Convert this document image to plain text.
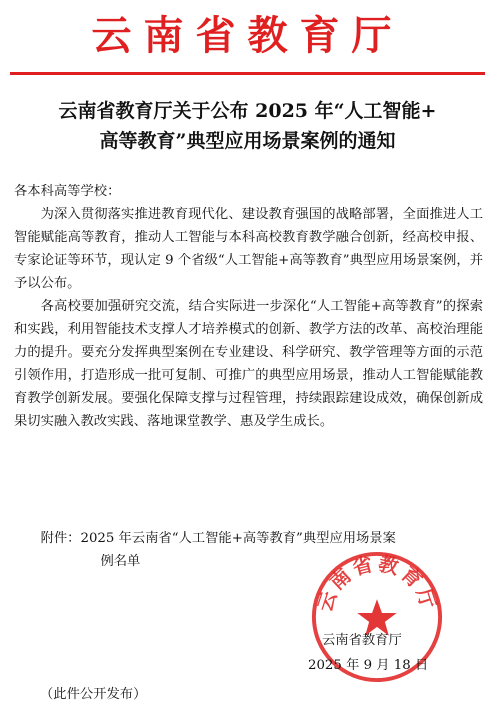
云南省教育厅
云南省教育厅关于公布 2025 年“人工智能+
高等教育”典型应用场景案例的通知

各本科高等学校：

为深入贯彻落实推进教育现代化、建设教育强国的战略部署，全面推进人工智能赋能高等教育，推动人工智能与本科高校教育教学融合创新，经高校申报、专家论证等环节，现认定 9 个省级“人工智能+高等教育”典型应用场景案例，并予以公布。

各高校要加强研究交流，结合实际进一步深化“人工智能+高等教育”的探索和实践，利用智能技术支撑人才培养模式的创新、教学方法的改革、高校治理能力的提升。要充分发挥典型案例在专业建设、科学研究、教学管理等方面的示范引领作用，打造形成一批可复制、可推广的典型应用场景，推动人工智能赋能教育教学创新发展。要强化保障支撑与过程管理，持续跟踪建设成效，确保创新成果切实融入教改实践、落地课堂教学、惠及学生成长。

附件：2025 年云南省“人工智能+高等教育”典型应用场景案
例名单
云南省教育厅
云南省教育厅
2025 年 9 月 18 日
（此件公开发布）
